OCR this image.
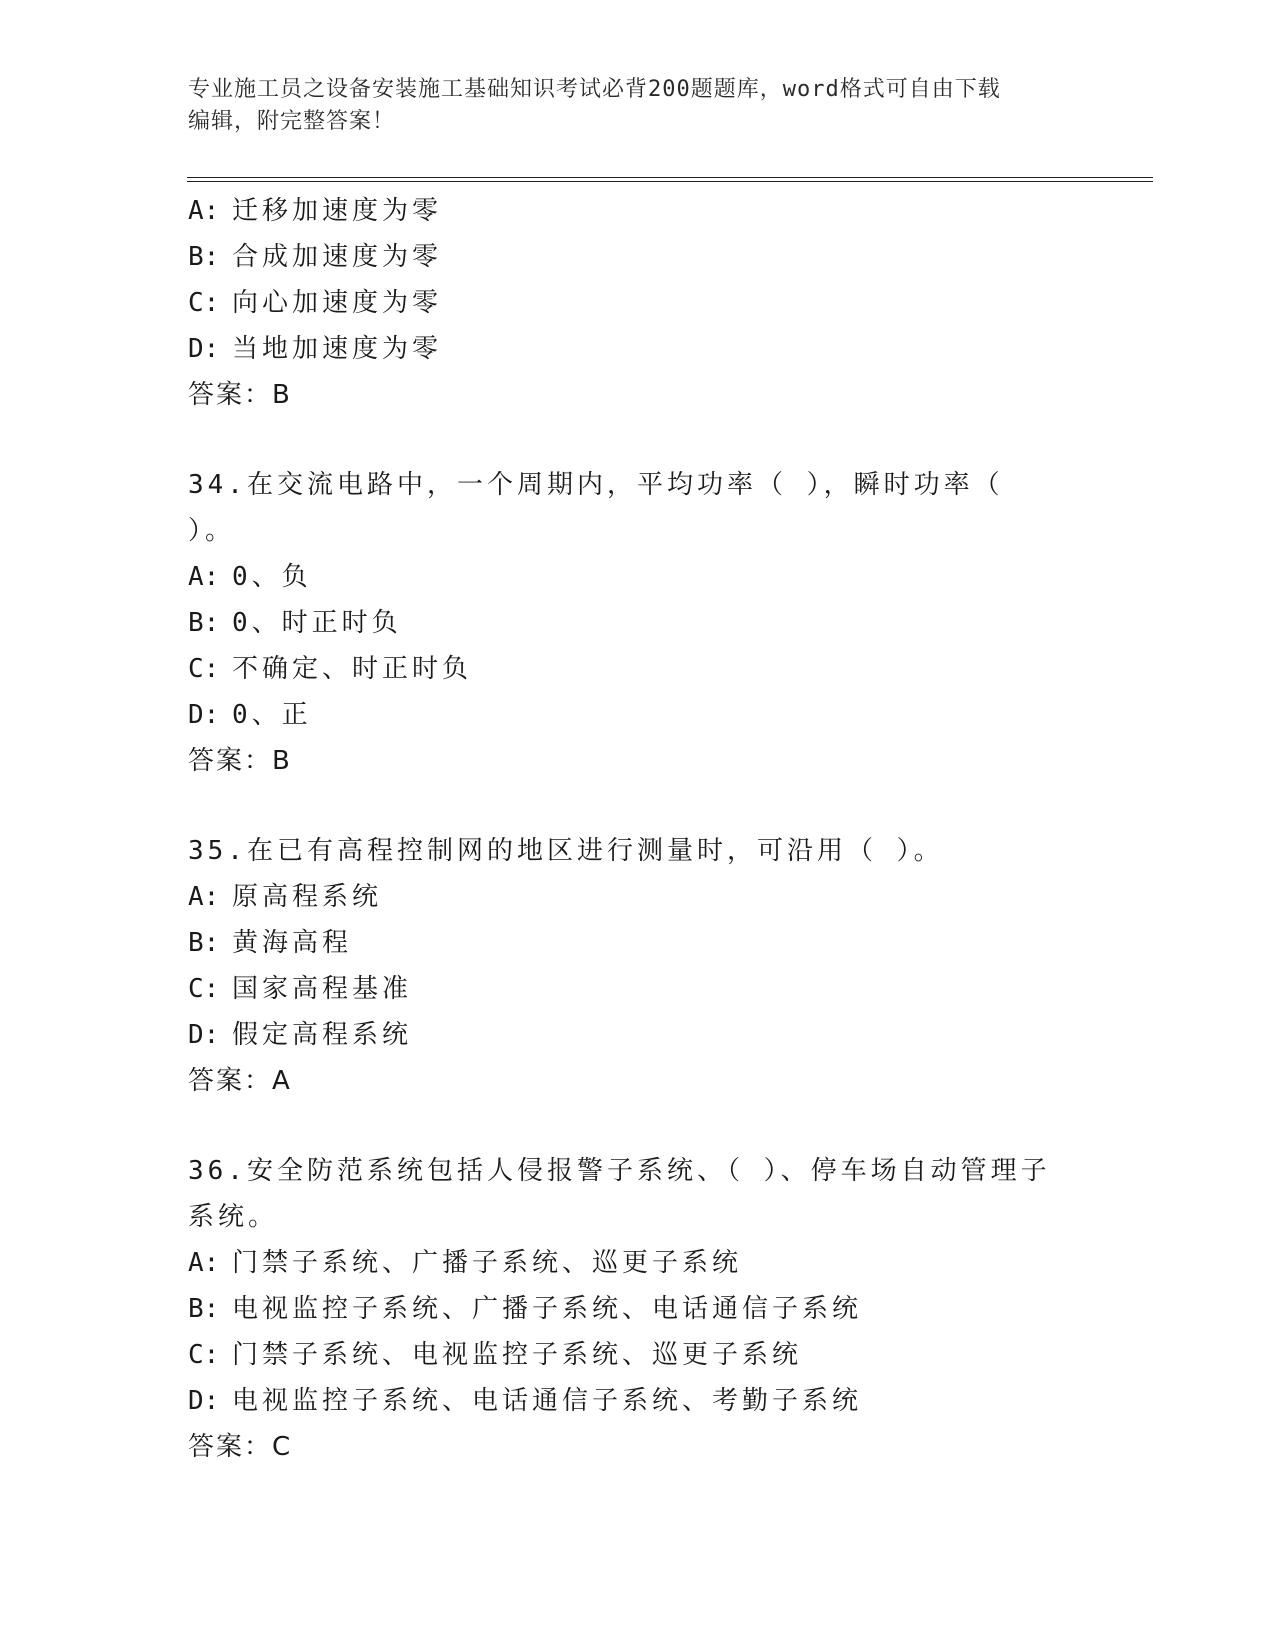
专业施工员之设备安装施工基础知识考试必背200题题库，word格式可自由下载
编辑，附完整答案！
A: 迁移加速度为零
B: 合成加速度为零
C: 向心加速度为零
D: 当地加速度为零
答案：B
34.在交流电路中，一个周期内，平均功率（ ），瞬时功率（ ）。
A: 0、负
B: 0、时正时负
C: 不确定、时正时负
D: 0、正
答案：B
35.在已有高程控制网的地区进行测量时，可沿用（ ）。
A: 原高程系统
B: 黄海高程
C: 国家高程基准
D: 假定高程系统
答案：A
36.安全防范系统包括人侵报警子系统、（ ）、停车场自动管理子系统。
A: 门禁子系统、广播子系统、巡更子系统
B: 电视监控子系统、广播子系统、电话通信子系统
C: 门禁子系统、电视监控子系统、巡更子系统
D: 电视监控子系统、电话通信子系统、考勤子系统
答案：C
